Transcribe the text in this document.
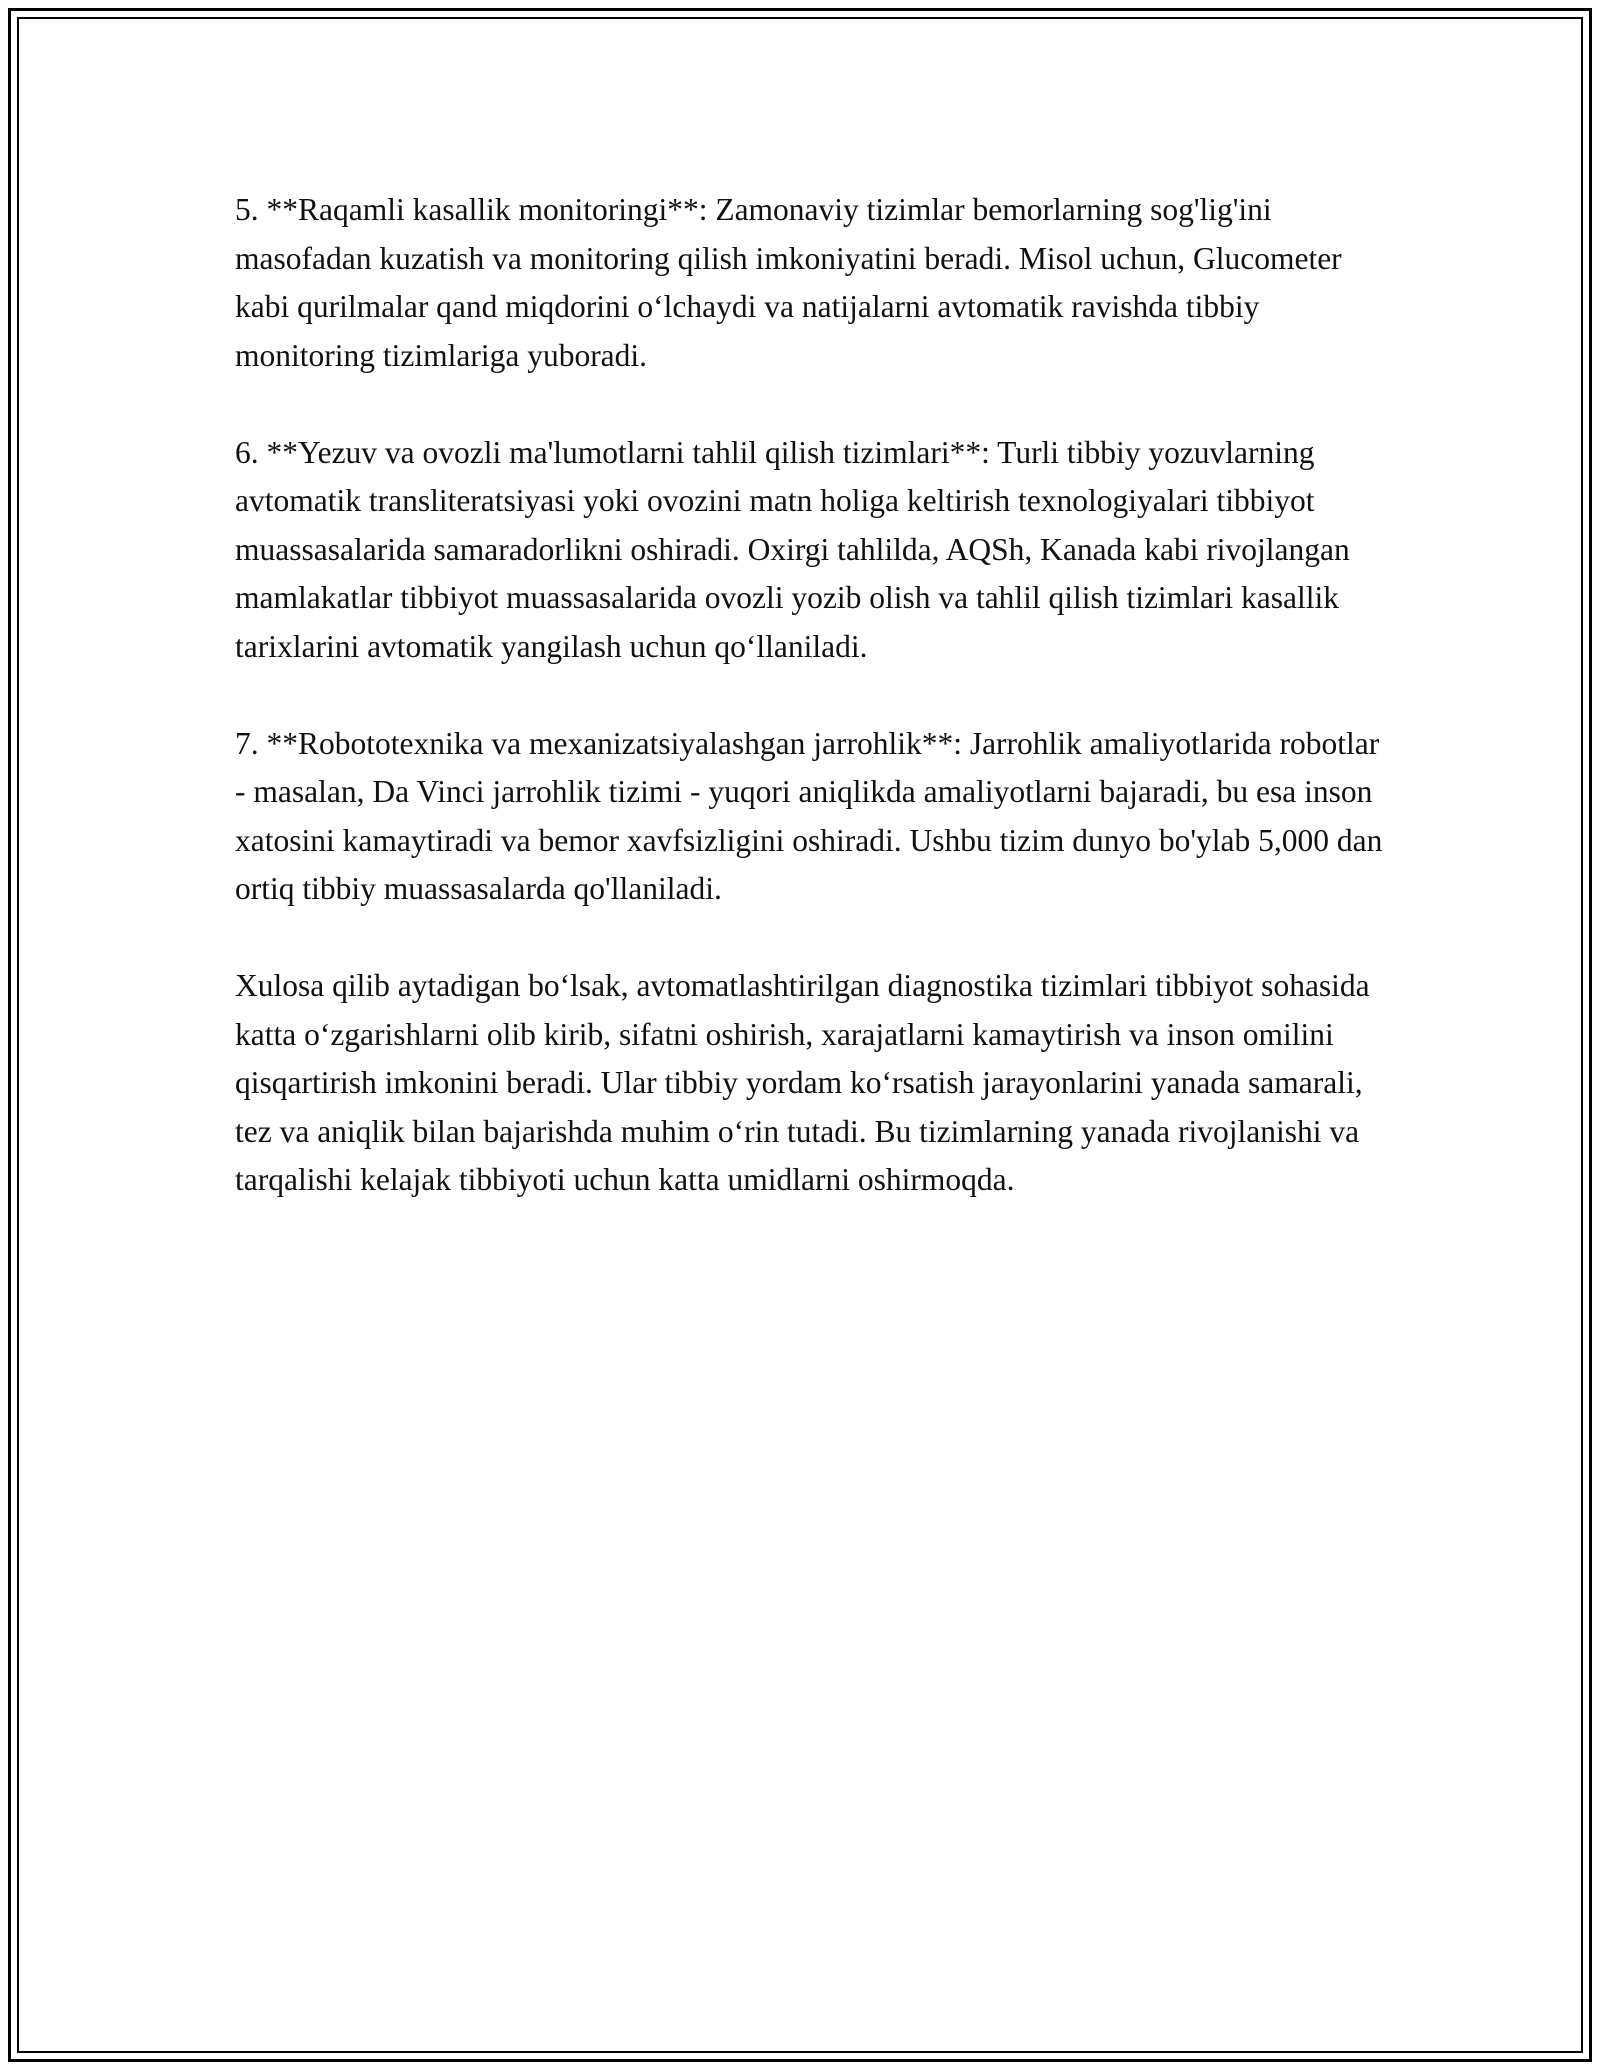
5. **Raqamli kasallik monitoringi**: Zamonaviy tizimlar bemorlarning sog'lig'ini masofadan kuzatish va monitoring qilish imkoniyatini beradi. Misol uchun, Glucometer kabi qurilmalar qand miqdorini o‘lchaydi va natijalarni avtomatik ravishda tibbiy monitoring tizimlariga yuboradi.

6. **Yezuv va ovozli ma'lumotlarni tahlil qilish tizimlari**: Turli tibbiy yozuvlarning avtomatik transliteratsiyasi yoki ovozini matn holiga keltirish texnologiyalari tibbiyot muassasalarida samaradorlikni oshiradi. Oxirgi tahlilda, AQSh, Kanada kabi rivojlangan mamlakatlar tibbiyot muassasalarida ovozli yozib olish va tahlil qilish tizimlari kasallik tarixlarini avtomatik yangilash uchun qo‘llaniladi.

7. **Robototexnika va mexanizatsiyalashgan jarrohlik**: Jarrohlik amaliyotlarida robotlar - masalan, Da Vinci jarrohlik tizimi - yuqori aniqlikda amaliyotlarni bajaradi, bu esa inson xatosini kamaytiradi va bemor xavfsizligini oshiradi. Ushbu tizim dunyo bo'ylab 5,000 dan ortiq tibbiy muassasalarda qo'llaniladi.

Xulosa qilib aytadigan bo‘lsak, avtomatlashtirilgan diagnostika tizimlari tibbiyot sohasida katta o‘zgarishlarni olib kirib, sifatni oshirish, xarajatlarni kamaytirish va inson omilini qisqartirish imkonini beradi. Ular tibbiy yordam ko‘rsatish jarayonlarini yanada samarali, tez va aniqlik bilan bajarishda muhim o‘rin tutadi. Bu tizimlarning yanada rivojlanishi va tarqalishi kelajak tibbiyoti uchun katta umidlarni oshirmoqda.
